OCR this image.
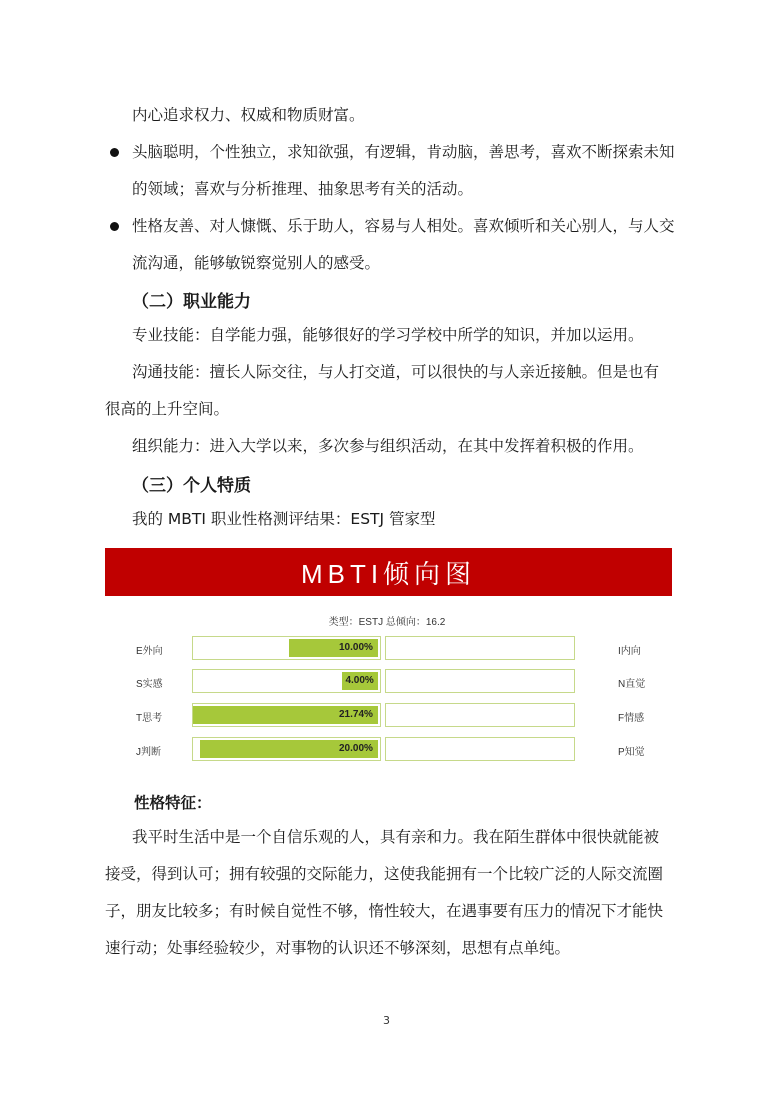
内心追求权力、权威和物质财富。
头脑聪明，个性独立，求知欲强，有逻辑，肯动脑，善思考，喜欢不断探索未知
的领域；喜欢与分析推理、抽象思考有关的活动。
性格友善、对人慷慨、乐于助人，容易与人相处。喜欢倾听和关心别人，与人交
流沟通，能够敏锐察觉别人的感受。
（二）职业能力
专业技能：自学能力强，能够很好的学习学校中所学的知识，并加以运用。
沟通技能：擅长人际交往，与人打交道，可以很快的与人亲近接触。但是也有
很高的上升空间。
组织能力：进入大学以来，多次参与组织活动，在其中发挥着积极的作用。
（三）个人特质
我的 MBTI 职业性格测评结果：ESTJ 管家型
MBTI倾向图
类型：ESTJ 总倾向：16.2
E外向	10.00%	I内向
S实感	4.00%	N直觉
T思考	21.74%	F情感
J判断	20.00%	P知觉
性格特征：
我平时生活中是一个自信乐观的人，具有亲和力。我在陌生群体中很快就能被
接受，得到认可；拥有较强的交际能力，这使我能拥有一个比较广泛的人际交流圈
子，朋友比较多；有时候自觉性不够，惰性较大，在遇事要有压力的情况下才能快
速行动；处事经验较少，对事物的认识还不够深刻，思想有点单纯。
3
